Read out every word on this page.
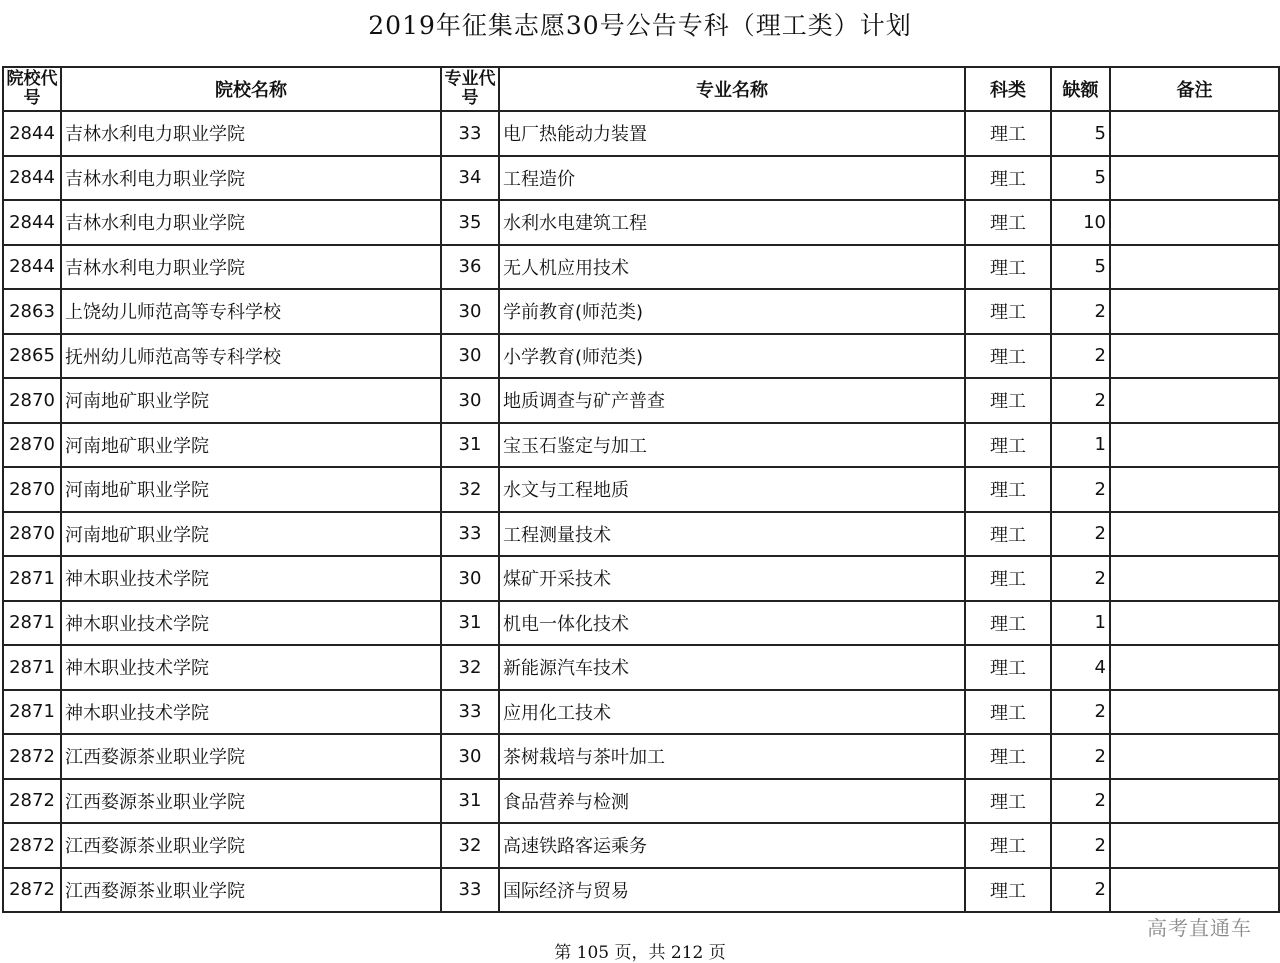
2019年征集志愿30号公告专科（理工类）计划
院校代号	院校名称	专业代号	专业名称	科类	缺额	备注
2844	吉林水利电力职业学院	33	电厂热能动力装置	理工	5	
2844	吉林水利电力职业学院	34	工程造价	理工	5	
2844	吉林水利电力职业学院	35	水利水电建筑工程	理工	10	
2844	吉林水利电力职业学院	36	无人机应用技术	理工	5	
2863	上饶幼儿师范高等专科学校	30	学前教育(师范类)	理工	2	
2865	抚州幼儿师范高等专科学校	30	小学教育(师范类)	理工	2	
2870	河南地矿职业学院	30	地质调查与矿产普查	理工	2	
2870	河南地矿职业学院	31	宝玉石鉴定与加工	理工	1	
2870	河南地矿职业学院	32	水文与工程地质	理工	2	
2870	河南地矿职业学院	33	工程测量技术	理工	2	
2871	神木职业技术学院	30	煤矿开采技术	理工	2	
2871	神木职业技术学院	31	机电一体化技术	理工	1	
2871	神木职业技术学院	32	新能源汽车技术	理工	4	
2871	神木职业技术学院	33	应用化工技术	理工	2	
2872	江西婺源茶业职业学院	30	茶树栽培与茶叶加工	理工	2	
2872	江西婺源茶业职业学院	31	食品营养与检测	理工	2	
2872	江西婺源茶业职业学院	32	高速铁路客运乘务	理工	2	
2872	江西婺源茶业职业学院	33	国际经济与贸易	理工	2	
高考直通车
第 105 页，共 212 页
